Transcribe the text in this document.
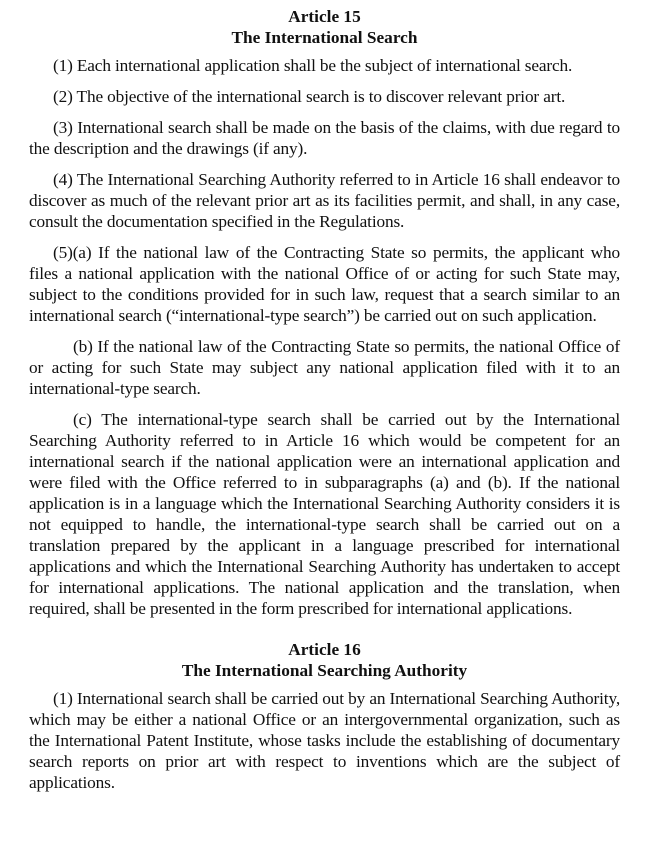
Article 15
The International Search

(1) Each international application shall be the subject of international search.

(2) The objective of the international search is to discover relevant prior art.

(3) International search shall be made on the basis of the claims, with due regard to the description and the drawings (if any).

(4) The International Searching Authority referred to in Article 16 shall endeavor to discover as much of the relevant prior art as its facilities permit, and shall, in any case, consult the documentation specified in the Regulations.

(5)(a) If the national law of the Contracting State so permits, the applicant who files a national application with the national Office of or acting for such State may, subject to the conditions provided for in such law, request that a search similar to an international search (“international-type search”) be carried out on such application.

(b) If the national law of the Contracting State so permits, the national Office of or acting for such State may subject any national application filed with it to an international-type search.

(c) The international-type search shall be carried out by the International Searching Authority referred to in Article 16 which would be competent for an international search if the national application were an international application and were filed with the Office referred to in subparagraphs (a) and (b). If the national application is in a language which the International Searching Authority considers it is not equipped to handle, the international-type search shall be carried out on a translation prepared by the applicant in a language prescribed for international applications and which the International Searching Authority has undertaken to accept for international applications. The national application and the translation, when required, shall be presented in the form prescribed for international applications.

Article 16
The International Searching Authority

(1) International search shall be carried out by an International Searching Authority, which may be either a national Office or an intergovernmental organization, such as the International Patent Institute, whose tasks include the establishing of documentary search reports on prior art with respect to inventions which are the subject of applications.
